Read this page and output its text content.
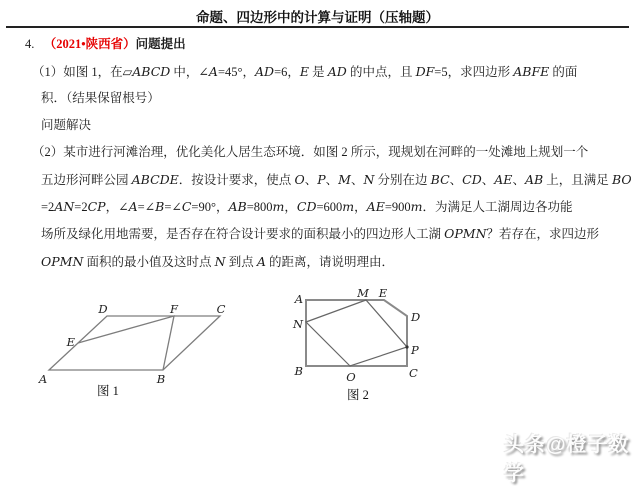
命题、四边形中的计算与证明（压轴题）
4. （2021•陕西省）问题提出
（1）如图 1，在▱ABCD 中，∠A=45°，AD=6，E 是 AD 的中点，且 DF=5，求四边形 ABFE 的面
积．（结果保留根号）
问题解决
（2）某市进行河滩治理，优化美化人居生态环境．如图 2 所示，现规划在河畔的一处滩地上规划一个
五边形河畔公园 ABCDE．按设计要求，使点 O、P、M、N 分别在边 BC、CD、AE、AB 上，且满足 BO
=2AN=2CP，∠A=∠B=∠C=90°，AB=800m，CD=600m，AE=900m．为满足人工湖周边各功能
场所及绿化用地需要，是否存在符合设计要求的面积最小的四边形人工湖 OPMN？若存在，求四边形
OPMN 面积的最小值及这时点 N 到点 A 的距离，请说明理由．
A	B
C
D
E
F
图 1
A	M E
D
N
P
B	O	C
图 2
头条@橙子数学
